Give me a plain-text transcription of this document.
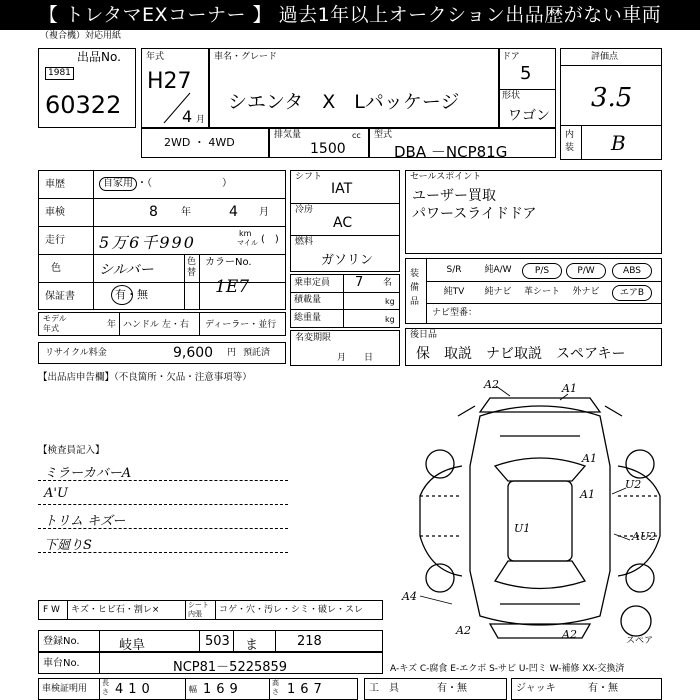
【 トレタマEXコーナー 】 過去1年以上オークション出品歴がない車両
（複合機）対応用紙
出品No.
1981
60322
年式
H27
4 月
車名・グレード
シエンタ　X　Lパッケージ
ドア
5
形状
ワゴン
評価点
3.5
内装 B
2WD ・ 4WD
排気量	cc
1500
型式
DBA －NCP81G
車歴	自家用 ・（　　　　　　　）
車検	8 年	4 月
走行 5万6千990	km
マイル (　)
色	シルバー	色替
カラーNo.
1E7
保証書	有・無
モデル年式	年 ハンドル 左・右 ディーラー・並行
リサイクル料金	9,600 円 預託済
シフト
IAT
冷房
AC
燃料
ガソリン
乗車定員 7 名
積載量	kg
総重量	kg
名変期限
月　　日
セールスポイント
ユーザー買取
パワースライドドア
装備品
ナビ型番：
S/R	純A/W	P/S	P/W	ABS
純TV	純ナビ	革シート	外ナビ	エアB
後日品
保　取説　ナビ取説　スペアキー
【出品店申告欄】（不良箇所・欠品・注意事項等）
【検査員記入】
ミラーカバーA
A'U
トリム キズー
下廻りS
A2	A1
A1
U2
U1
A1
AU2
A4
A2	A2	スペア
F W キズ・ヒビ石・割レ×	シート 内張	コゲ・穴・汚レ・シミ・破レ・スレ
登録No.	岐阜	503 ま	218
車台No.	NCP81－5225859
車検証明用
長さ 410	幅 169	高さ 167
A-キズ C-腐食 E-エクボ S-サビ U-凹ミ W-補修 XX-交換済
工　具	有・無	ジャッキ	有・無
